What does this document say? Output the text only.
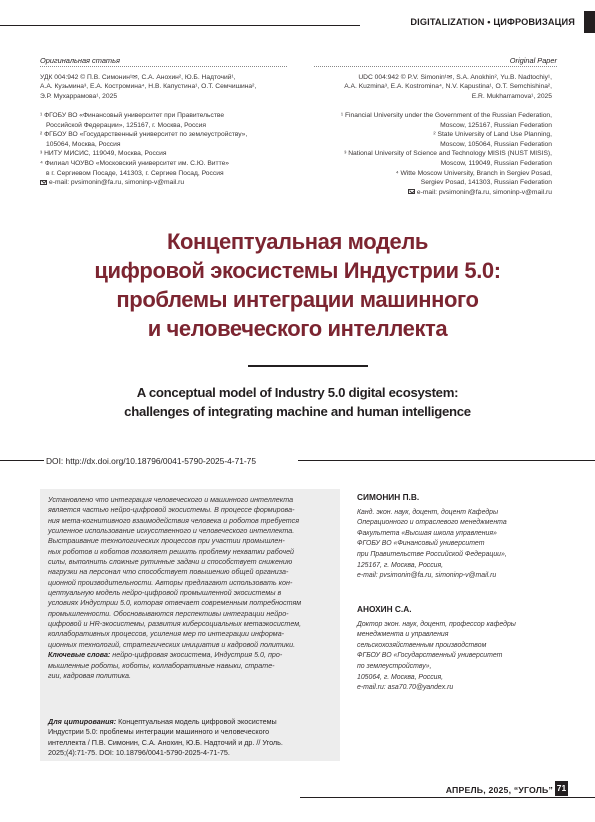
DIGITALIZATION • ЦИФРОВИЗАЦИЯ
Оригинальная статья	Original Paper
УДК 004:942 © П.В. Симонин¹✉, С.А. Анохин², Ю.Б. Надточий¹,
А.А. Кузьмина³, Е.А. Костромина⁴, Н.В. Капустина¹, О.Т. Семчишина²,
Э.Р. Мухаррамова¹, 2025
UDC 004:942 © P.V. Simonin¹✉, S.A. Anokhin², Yu.B. Nadtochiy¹,
A.A. Kuzmina³, E.A. Kostromina⁴, N.V. Kapustina¹, O.T. Semchishina²,
E.R. Mukharramova¹, 2025
¹ ФГОБУ ВО «Финансовый университет при Правительстве
Российской Федерации», 125167, г. Москва, Россия
² ФГБОУ ВО «Государственный университет по землеустройству»,
105064, Москва, Россия
³ НИТУ МИСИС, 119049, Москва, Россия
⁴ Филиал ЧОУВО «Московский университет им. С.Ю. Витте»
в г. Сергиевом Посаде, 141303, г. Сергиев Посад, Россия
e-mail: pvsimonin@fa.ru, simoninp-v@mail.ru
¹ Financial University under the Government of the Russian Federation,
Moscow, 125167, Russian Federation
² State University of Land Use Planning,
Moscow, 105064, Russian Federation
³ National University of Science and Technology MISIS (NUST MISIS),
Moscow, 119049, Russian Federation
⁴ Witte Moscow University, Branch in Sergiev Posad,
Sergiev Posad, 141303, Russian Federation
e-mail: pvsimonin@fa.ru, simoninp-v@mail.ru
Концептуальная модель
цифровой экосистемы Индустрии 5.0:
проблемы интеграции машинного
и человеческого интеллекта
A conceptual model of Industry 5.0 digital ecosystem:
challenges of integrating machine and human intelligence
DOI: http://dx.doi.org/10.18796/0041-5790-2025-4-71-75
Установлено что интеграция человеческого и машинного интеллекта
является частью нейро-цифровой экосистемы. В процессе формирова-
ния мета-когнитивного взаимодействия человека и роботов требуется
усиленное использование искусственного и человеческого интеллекта.
Выстраивание технологических процессов при участии промышлен-
ных роботов и коботов позволяет решить проблему нехватки рабочей
силы, выполнить сложные рутинные задачи и способствует снижению
нагрузки на персонал что способствует повышению общей организа-
ционной производительности. Авторы предлагают использовать кон-
цептуальную модель нейро-цифровой промышленной экосистемы в
условиях Индустрии 5.0, которая отвечает современным потребностям
промышленности. Обосновываются перспективы интеграции нейро-
цифровой и HR-экосистемы, развития киберсоциальных метаэкосистем,
коллаборативных процессов, усиления мер по интеграции информа-
ционных технологий, стратегических инициатив и кадровой политики.
Ключевые слова: нейро-цифровая экосистема, Индустрия 5.0, про-
мышленные роботы, коботы, коллаборативные навыки, страте-
гии, кадровая политика.
Для цитирования: Концептуальная модель цифровой экосистемы
Индустрии 5.0: проблемы интеграции машинного и человеческого
интеллекта / П.В. Симонин, С.А. Анохин, Ю.Б. Надточий и др. // Уголь.
2025;(4):71-75. DOI: 10.18796/0041-5790-2025-4-71-75.
СИМОНИН П.В.
Канд. экон. наук, доцент, доцент Кафедры
Операционного и отраслевого менеджмента
Факультета «Высшая школа управления»
ФГОБУ ВО «Финансовый университет
при Правительстве Российской Федерации»,
125167, г. Москва, Россия,
e-mail: pvsimonin@fa.ru, simoninp-v@mail.ru
АНОХИН С.А.
Доктор экон. наук, доцент, профессор кафедры
менеджмента и управления
сельскохозяйственным производством
ФГБОУ ВО «Государственный университет
по землеустройству»,
105064, г. Москва, Россия,
e-mail.ru: asa70.70@yandex.ru
АПРЕЛЬ, 2025, “УГОЛЬ” 71
